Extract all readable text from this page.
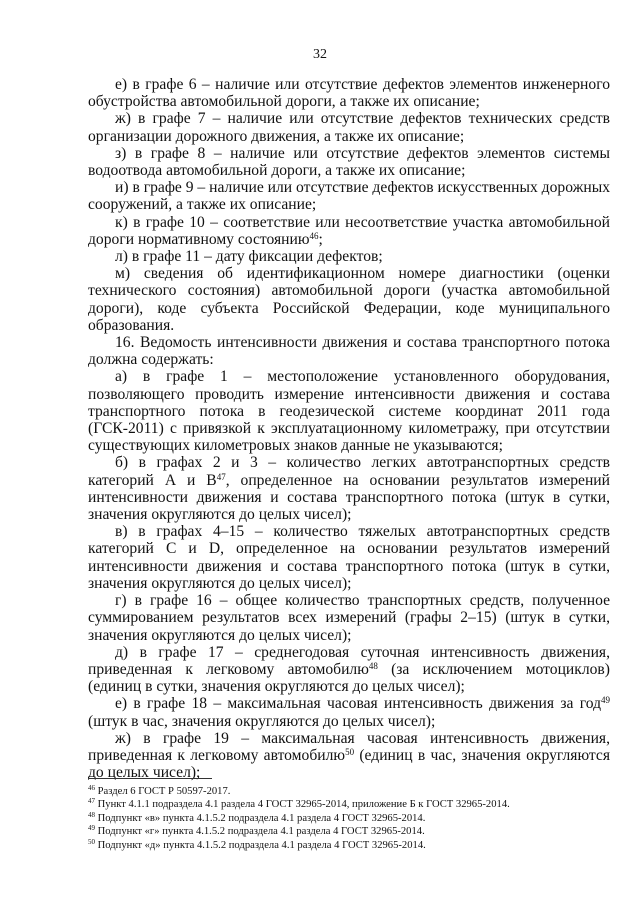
32

е) в графе 6 – наличие или отсутствие дефектов элементов инженерного обустройства автомобильной дороги, а также их описание;

ж) в графе 7 – наличие или отсутствие дефектов технических средств организации дорожного движения, а также их описание;

з) в графе 8 – наличие или отсутствие дефектов элементов системы водоотвода автомобильной дороги, а также их описание;

и) в графе 9 – наличие или отсутствие дефектов искусственных дорожных сооружений, а также их описание;

к) в графе 10 – соответствие или несоответствие участка автомобильной дороги нормативному состоянию$^{46}$;

л) в графе 11 – дату фиксации дефектов;

м) сведения об идентификационном номере диагностики (оценки технического состояния) автомобильной дороги (участка автомобильной дороги), коде субъекта Российской Федерации, коде муниципального образования.

16. Ведомость интенсивности движения и состава транспортного потока должна содержать:

а) в графе 1 – местоположение установленного оборудования, позволяющего проводить измерение интенсивности движения и состава транспортного потока в геодезической системе координат 2011 года (ГСК-2011) с привязкой к эксплуатационному километражу, при отсутствии существующих километровых знаков данные не указываются;

б) в графах 2 и 3 – количество легких автотранспортных средств категорий А и $В^{47}$, определенное на основании результатов измерений интенсивности движения и состава транспортного потока (штук в сутки, значения округляются до целых чисел);

в) в графах 4–15 – количество тяжелых автотранспортных средств категорий C и D, определенное на основании результатов измерений интенсивности движения и состава транспортного потока (штук в сутки, значения округляются до целых чисел);

г) в графе 16 – общее количество транспортных средств, полученное суммированием результатов всех измерений (графы 2–15) (штук в сутки, значения округляются до целых чисел);

д) в графе 17 – среднегодовая суточная интенсивность движения, приведенная к легковому автомобилю$^{48}$ (за исключением мотоциклов) (единиц в сутки, значения округляются до целых чисел);

е) в графе 18 – максимальная часовая интенсивность движения за год$^{49}$ (штук в час, значения округляются до целых чисел);

ж) в графе 19 – максимальная часовая интенсивность движения, приведенная к легковому автомобилю$^{50}$ (единиц в час, значения округляются до целых чисел);

$^{46}$ Раздел 6 ГОСТ Р 50597-2017.
$^{47}$ Пункт 4.1.1 подраздела 4.1 раздела 4 ГОСТ 32965-2014, приложение Б к ГОСТ 32965-2014.
$^{48}$ Подпункт «в» пункта 4.1.5.2 подраздела 4.1 раздела 4 ГОСТ 32965-2014.
$^{49}$ Подпункт «г» пункта 4.1.5.2 подраздела 4.1 раздела 4 ГОСТ 32965-2014.
$^{50}$ Подпункт «д» пункта 4.1.5.2 подраздела 4.1 раздела 4 ГОСТ 32965-2014.
